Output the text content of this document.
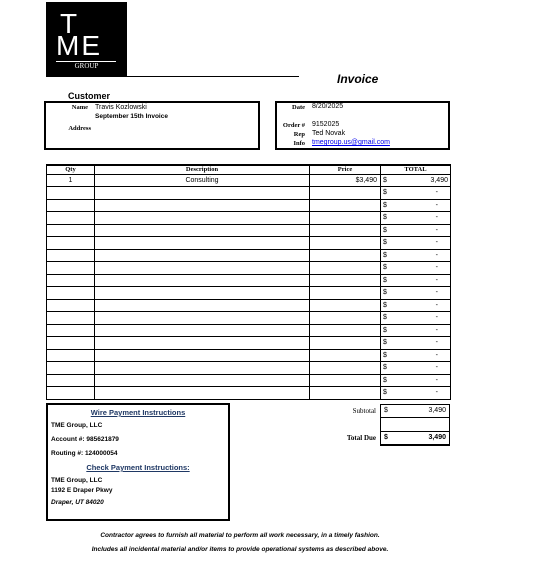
T
ME
GROUP
Invoice
Customer
Name Travis Kozlowski
September 15th Invoice
Address
Date 8/20/2025
Order # 9152025
Rep Ted Novak
Info tmegroup.us@gmail.com
Qty	Description	Price	TOTAL
1	Consulting	$3,490	$ 3,490

			$ -

			$ -

			$ -

			$ -

			$ -

			$ -

			$ -

			$ -

			$ -

			$ -

			$ -

			$ -

			$ -

			$ -

			$ -

			$ -

			$ -
Wire Payment Instructions
TME Group, LLC
Account #: 985621879
Routing #: 124000054
Check Payment Instructions:
TME Group, LLC
1192 E Draper Pkwy
Draper, UT 84020
Subtotal $	3,490
Total Due $	3,490
Contractor agrees to furnish all material to perform all work necessary, in a timely fashion.
Includes all incidental material and/or items to provide operational systems as described above.
